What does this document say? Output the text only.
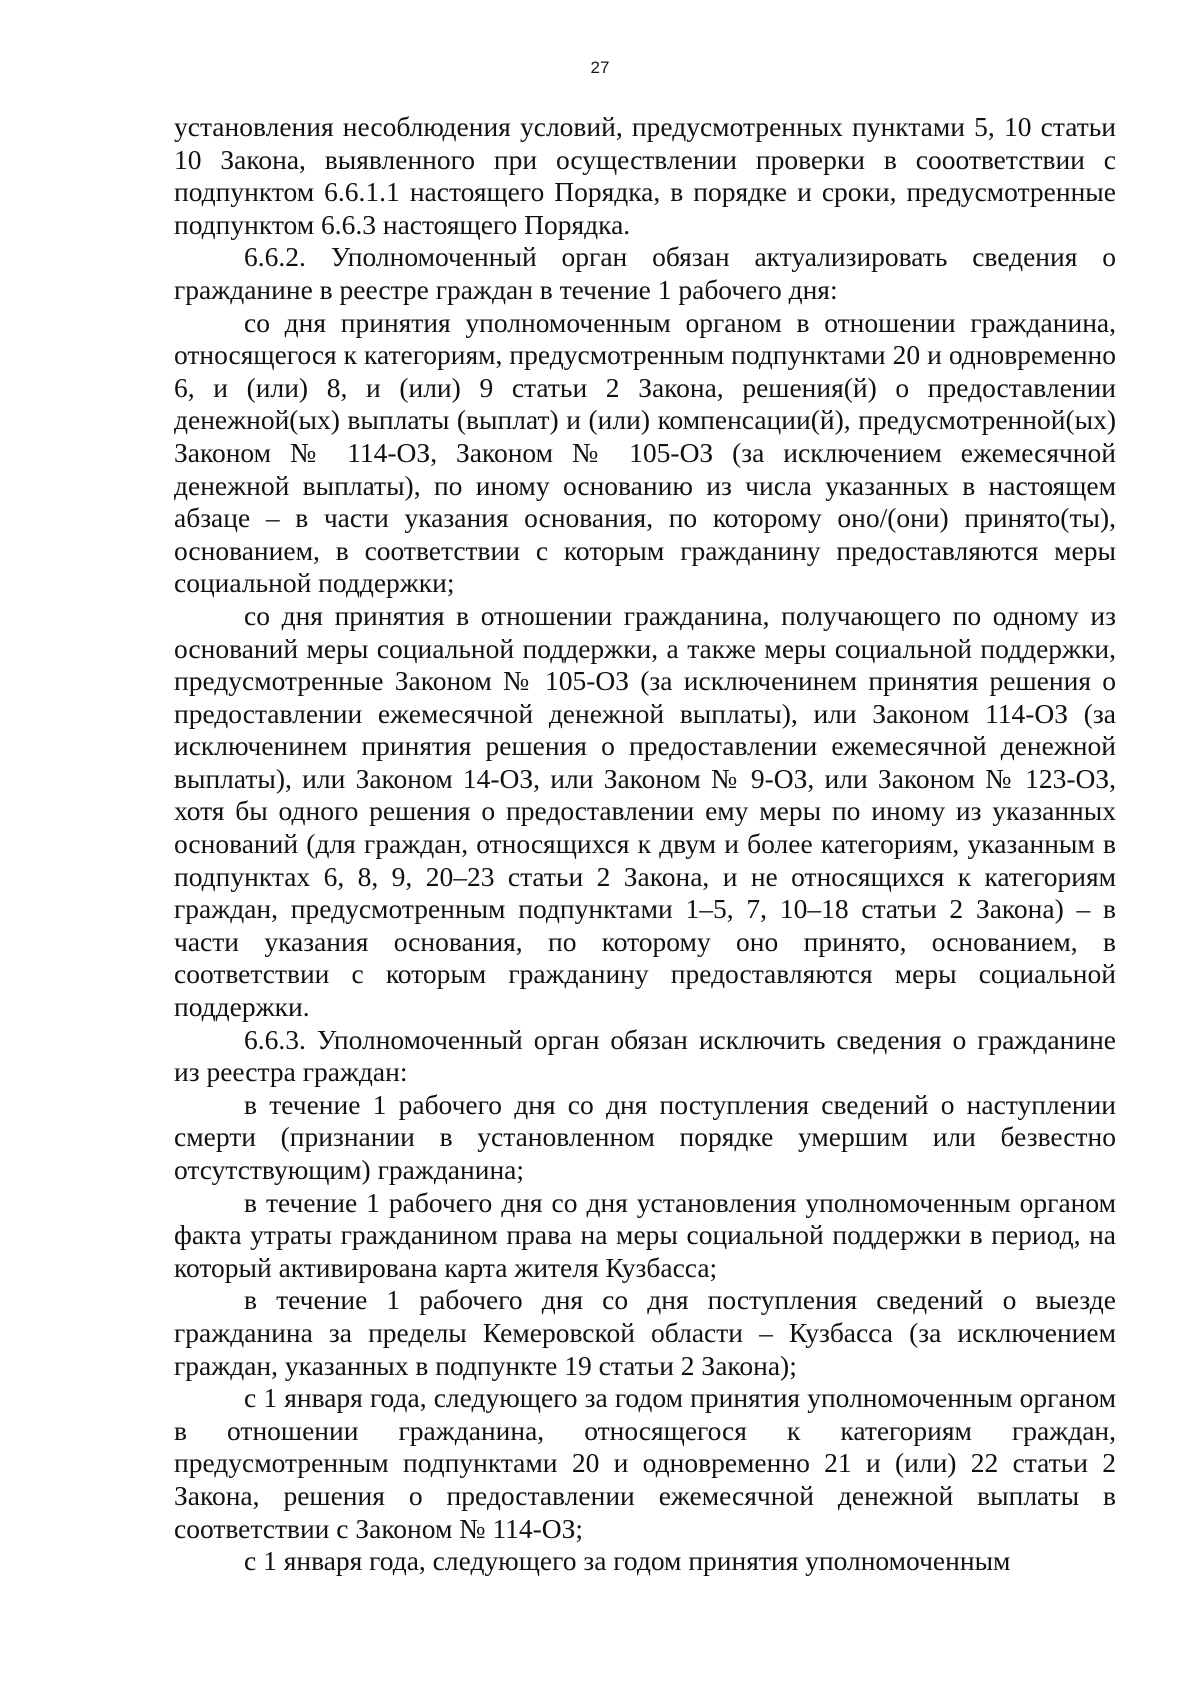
27

установления несоблюдения условий, предусмотренных пунктами 5, 10 статьи 10 Закона, выявленного при осуществлении проверки в сооответствии с подпунктом 6.6.1.1 настоящего Порядка, в порядке и сроки, предусмотренные подпунктом 6.6.3 настоящего Порядка.

6.6.2. Уполномоченный орган обязан актуализировать сведения о гражданине в реестре граждан в течение 1 рабочего дня:

со дня принятия уполномоченным органом в отношении гражданина, относящегося к категориям, предусмотренным подпунктами 20 и одновременно 6, и (или) 8, и (или) 9 статьи 2 Закона, решения(й) о предоставлении денежной(ых) выплаты (выплат) и (или) компенсации(й), предусмотренной(ых) Законом № 114-ОЗ, Законом № 105-ОЗ (за исключением ежемесячной денежной выплаты), по иному основанию из числа указанных в настоящем абзаце – в части указания основания, по которому оно/(они) принято(ты), основанием, в соответствии с которым гражданину предоставляются меры социальной поддержки;

со дня принятия в отношении гражданина, получающего по одному из оснований меры социальной поддержки, а также меры социальной поддержки, предусмотренные Законом № 105-ОЗ (за исключенинем принятия решения о предоставлении ежемесячной денежной выплаты), или Законом 114-ОЗ (за исключенинем принятия решения о предоставлении ежемесячной денежной выплаты), или Законом 14-ОЗ, или Законом № 9-ОЗ, или Законом № 123-ОЗ, хотя бы одного решения о предоставлении ему меры по иному из указанных оснований (для граждан, относящихся к двум и более категориям, указанным в подпунктах 6, 8, 9, 20–23 статьи 2 Закона, и не относящихся к категориям граждан, предусмотренным подпунктами 1–5, 7, 10–18 статьи 2 Закона) – в части указания основания, по которому оно принято, основанием, в соответствии с которым гражданину предоставляются меры социальной поддержки.

6.6.3. Уполномоченный орган обязан исключить сведения о гражданине из реестра граждан:

в течение 1 рабочего дня со дня поступления сведений о наступлении смерти (признании в установленном порядке умершим или безвестно отсутствующим) гражданина;

в течение 1 рабочего дня со дня установления уполномоченным органом факта утраты гражданином права на меры социальной поддержки в период, на который активирована карта жителя Кузбасса;

в течение 1 рабочего дня со дня поступления сведений о выезде гражданина за пределы Кемеровской области – Кузбасса (за исключением граждан, указанных в подпункте 19 статьи 2 Закона);

с 1 января года, следующего за годом принятия уполномоченным органом в отношении гражданина, относящегося к категориям граждан, предусмотренным подпунктами 20 и одновременно 21 и (или) 22 статьи 2 Закона, решения о предоставлении ежемесячной денежной выплаты в соответствии с Законом № 114-ОЗ;

с 1 января года, следующего за годом принятия уполномоченным
